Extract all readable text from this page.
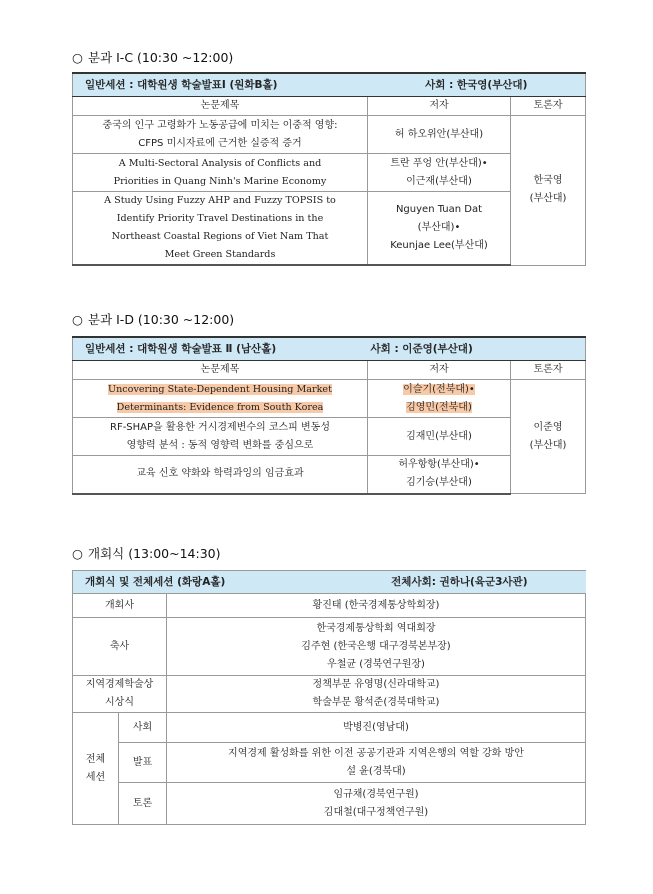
○ 분과 Ⅰ-C (10:30 ~12:00)
일반세션 : 대학원생 학술발표Ⅰ (원화B홀)	사회 : 한국영(부산대)	
논문제목	저자	토론자

중국의 인구 고령화가 노동공급에 미치는 이중적 영향:
CFPS 미시자료에 근거한 실증적 증거	허 하오위안(부산대)	한국영
(부산대)

A Multi-Sectoral Analysis of Conflicts and
Priorities in Quang Ninh's Marine Economy	트란 푸엉 안(부산대)•
이근재(부산대)	

A Study Using Fuzzy AHP and Fuzzy TOPSIS to
Identify Priority Travel Destinations in the
Northeast Coastal Regions of Viet Nam That
Meet Green Standards	Nguyen Tuan Dat
(부산대)•
Keunjae Lee(부산대)	
○ 분과 Ⅰ-D (10:30 ~12:00)
일반세션 : 대학원생 학술발표 Ⅱ (남산홀)	사회 : 이준영(부산대)	
논문제목	저자	토론자

Uncovering State-Dependent Housing Market
Determinants: Evidence from South Korea	이슬기(전북대)•
김영민(전북대)	이준영
(부산대)

RF-SHAP을 활용한 거시경제변수의 코스피 변동성
영향력 분석 : 동적 영향력 변화를 중심으로	김재민(부산대)	

교육 신호 약화와 학력과잉의 임금효과	허우항항(부산대)•
김기승(부산대)	
○ 개회식 (13:00~14:30)
개회식 및 전체세션 (화랑A홀) 전체사회: 권하나(육군3사관)		

개회사		황진태 (한국경제통상학회장)
축사		한국경제통상학회 역대회장
김주현 (한국은행 대구경북본부장)
우철균 (경북연구원장)

지역경제학술상
시상식		정책부문 유영명(신라대학교)
학술부문 황석준(경북대학교)

전체
세션	사회	박병진(영남대)
	발표	지역경제 활성화를 위한 이전 공공기관과 지역은행의 역할 강화 방안
설 윤(경북대)

	토론	임규채(경북연구원)
김대철(대구정책연구원)
